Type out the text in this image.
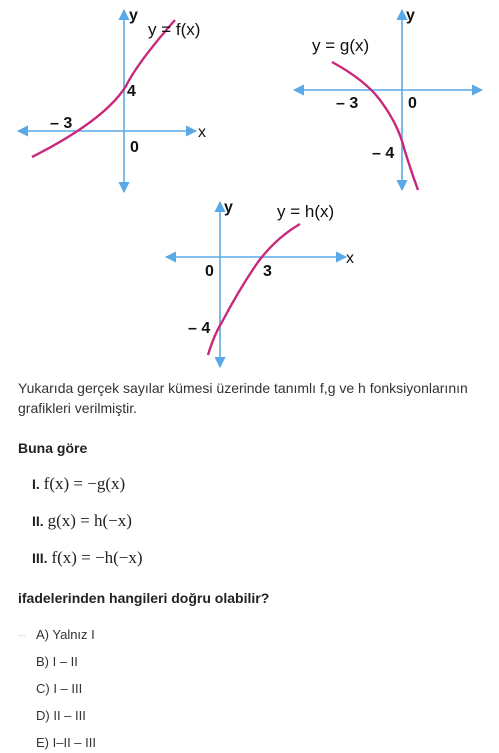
y = f(x)
y
x
0
– 3
4
y = g(x)
y
0
– 3
– 4
y = h(x)
y
x
0	3
– 4
Yukarıda gerçek sayılar kümesi üzerinde tanımlı f,g ve h fonksiyonlarının grafikleri verilmiştir.
Buna göre
I. f(x) = −g(x)
II. g(x) = h(−x)
III. f(x) = −h(−x)
ifadelerinden hangileri doğru olabilir?
A) Yalnız I
B) I – II
C) I – III
D) II – III
E) I–II – III
